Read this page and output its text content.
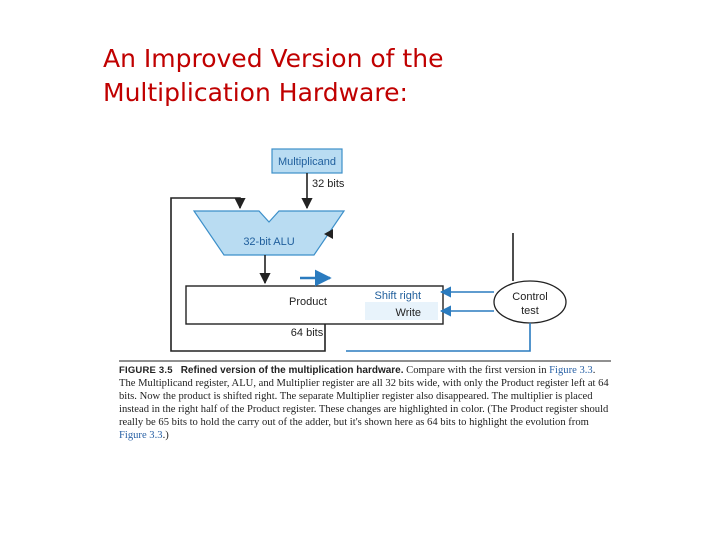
An Improved Version of the
Multiplication Hardware:
Multiplicand
32 bits
32-bit ALU
Product
64 bits
Write
Shift right	Control
test

FIGURE 3.5 Refined version of the multiplication hardware. Compare with the first version in Figure 3.3. The Multiplicand register, ALU, and Multiplier register are all 32 bits wide, with only the Product register left at 64 bits. Now the product is shifted right. The separate Multiplier register also disappeared. The multiplier is placed instead in the right half of the Product register. These changes are highlighted in color. (The Product register should really be 65 bits to hold the carry out of the adder, but it's shown here as 64 bits to highlight the evolution from Figure 3.3.)
